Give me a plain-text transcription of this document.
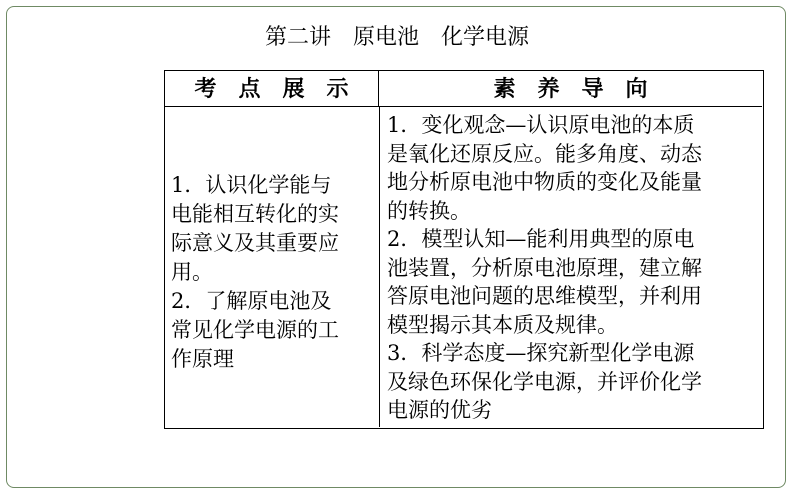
第二讲　原电池　化学电源
考　点　展　示	素　养　导　向
1．认识化学能与
电能相互转化的实
际意义及其重要应
用。
2．了解原电池及
常见化学电源的工
作原理
1．变化观念—认识原电池的本质
是氧化还原反应。能多角度、动态
地分析原电池中物质的变化及能量
的转换。
2．模型认知—能利用典型的原电
池装置，分析原电池原理，建立解
答原电池问题的思维模型，并利用
模型揭示其本质及规律。
3．科学态度—探究新型化学电源
及绿色环保化学电源，并评价化学
电源的优劣
